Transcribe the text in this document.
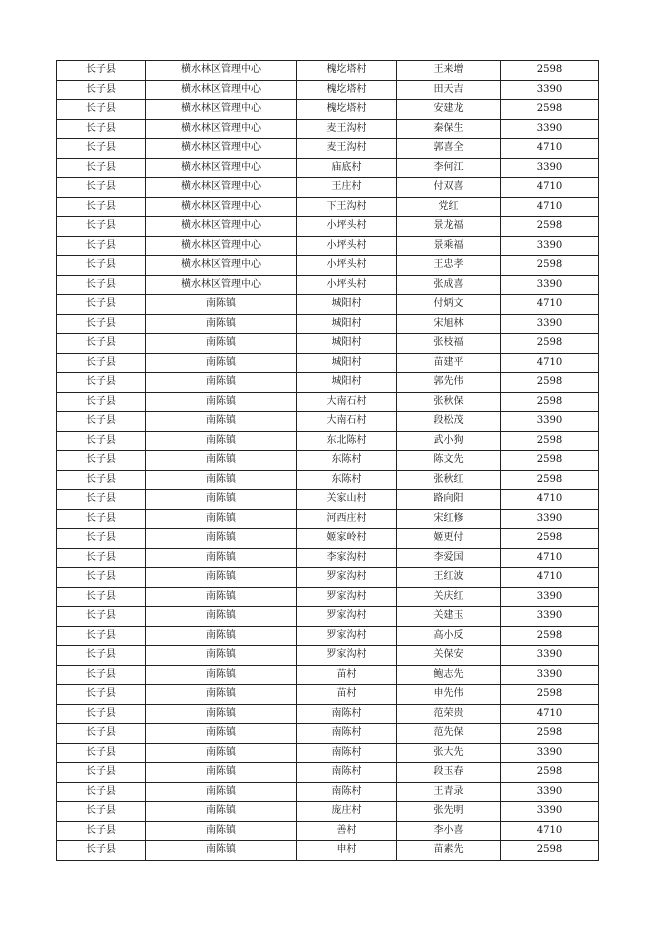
长子县	横水林区管理中心	槐圪塔村	王来增	2598
长子县	横水林区管理中心	槐圪塔村	田天吉	3390
长子县	横水林区管理中心	槐圪塔村	安建龙	2598
长子县	横水林区管理中心	麦王沟村	秦保生	3390
长子县	横水林区管理中心	麦王沟村	郭喜全	4710
长子县	横水林区管理中心	庙底村	李何江	3390
长子县	横水林区管理中心	王庄村	付双喜	4710
长子县	横水林区管理中心	下王沟村	党红	4710
长子县	横水林区管理中心	小坪头村	景龙福	2598
长子县	横水林区管理中心	小坪头村	景乘福	3390
长子县	横水林区管理中心	小坪头村	王忠孝	2598
长子县	横水林区管理中心	小坪头村	张成喜	3390
长子县	南陈镇	城阳村	付炳文	4710
长子县	南陈镇	城阳村	宋旭林	3390
长子县	南陈镇	城阳村	张枝福	2598
长子县	南陈镇	城阳村	苗建平	4710
长子县	南陈镇	城阳村	郭先伟	2598
长子县	南陈镇	大南石村	张秋保	2598
长子县	南陈镇	大南石村	段松茂	3390
长子县	南陈镇	东北陈村	武小狗	2598
长子县	南陈镇	东陈村	陈文先	2598
长子县	南陈镇	东陈村	张秋红	2598
长子县	南陈镇	关家山村	路向阳	4710
长子县	南陈镇	河西庄村	宋红修	3390
长子县	南陈镇	姬家岭村	姬更付	2598
长子县	南陈镇	李家沟村	李爱国	4710
长子县	南陈镇	罗家沟村	王红波	4710
长子县	南陈镇	罗家沟村	关庆红	3390
长子县	南陈镇	罗家沟村	关建玉	3390
长子县	南陈镇	罗家沟村	高小反	2598
长子县	南陈镇	罗家沟村	关保安	3390
长子县	南陈镇	苗村	鲍志先	3390
长子县	南陈镇	苗村	申先伟	2598
长子县	南陈镇	南陈村	范荣贵	4710
长子县	南陈镇	南陈村	范先保	2598
长子县	南陈镇	南陈村	张大先	3390
长子县	南陈镇	南陈村	段玉春	2598
长子县	南陈镇	南陈村	王青录	3390
长子县	南陈镇	庞庄村	张先明	3390
长子县	南陈镇	善村	李小喜	4710
长子县	南陈镇	申村	苗素先	2598
